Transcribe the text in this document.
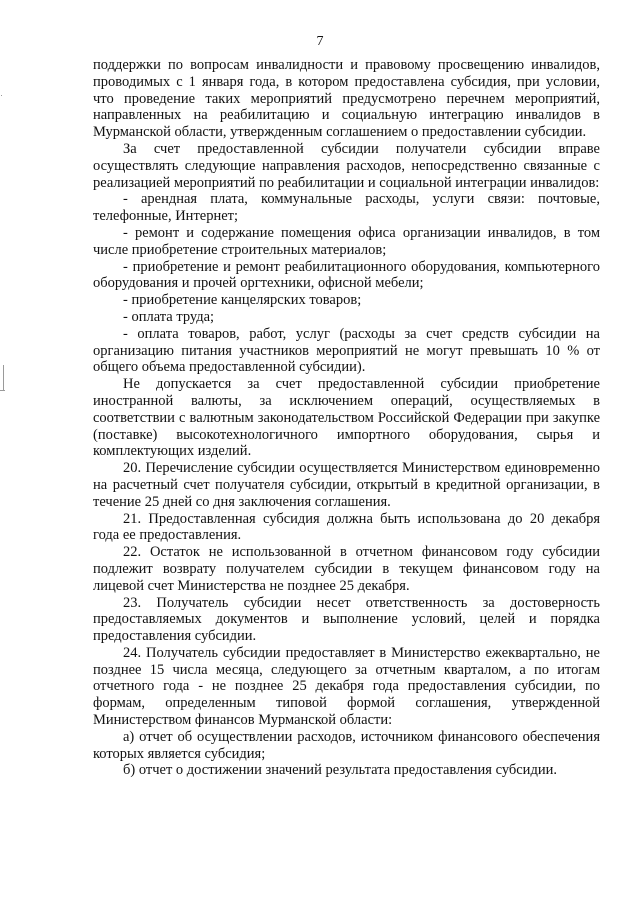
7

поддержки по вопросам инвалидности и правовому просвещению инвалидов, проводимых с 1 января года, в котором предоставлена субсидия, при условии, что проведение таких мероприятий предусмотрено перечнем мероприятий, направленных на реабилитацию и социальную интеграцию инвалидов в Мурманской области, утвержденным соглашением о предоставлении субсидии.

За счет предоставленной субсидии получатели субсидии вправе осуществлять следующие направления расходов, непосредственно связанные с реализацией мероприятий по реабилитации и социальной интеграции инвалидов:

- арендная плата, коммунальные расходы, услуги связи: почтовые, телефонные, Интернет;

- ремонт и содержание помещения офиса организации инвалидов, в том числе приобретение строительных материалов;

- приобретение и ремонт реабилитационного оборудования, компьютерного оборудования и прочей оргтехники, офисной мебели;

- приобретение канцелярских товаров;

- оплата труда;

- оплата товаров, работ, услуг (расходы за счет средств субсидии на организацию питания участников мероприятий не могут превышать 10 % от общего объема предоставленной субсидии).

Не допускается за счет предоставленной субсидии приобретение иностранной валюты, за исключением операций, осуществляемых в соответствии с валютным законодательством Российской Федерации при закупке (поставке) высокотехнологичного импортного оборудования, сырья и комплектующих изделий.

20. Перечисление субсидии осуществляется Министерством единовременно на расчетный счет получателя субсидии, открытый в кредитной организации, в течение 25 дней со дня заключения соглашения.

21. Предоставленная субсидия должна быть использована до 20 декабря года ее предоставления.

22. Остаток не использованной в отчетном финансовом году субсидии подлежит возврату получателем субсидии в текущем финансовом году на лицевой счет Министерства не позднее 25 декабря.

23. Получатель субсидии несет ответственность за достоверность предоставляемых документов и выполнение условий, целей и порядка предоставления субсидии.

24. Получатель субсидии предоставляет в Министерство ежеквартально, не позднее 15 числа месяца, следующего за отчетным кварталом, а по итогам отчетного года - не позднее 25 декабря года предоставления субсидии, по формам, определенным типовой формой соглашения, утвержденной Министерством финансов Мурманской области:

а) отчет об осуществлении расходов, источником финансового обеспечения которых является субсидия;

б) отчет о достижении значений результата предоставления субсидии.
